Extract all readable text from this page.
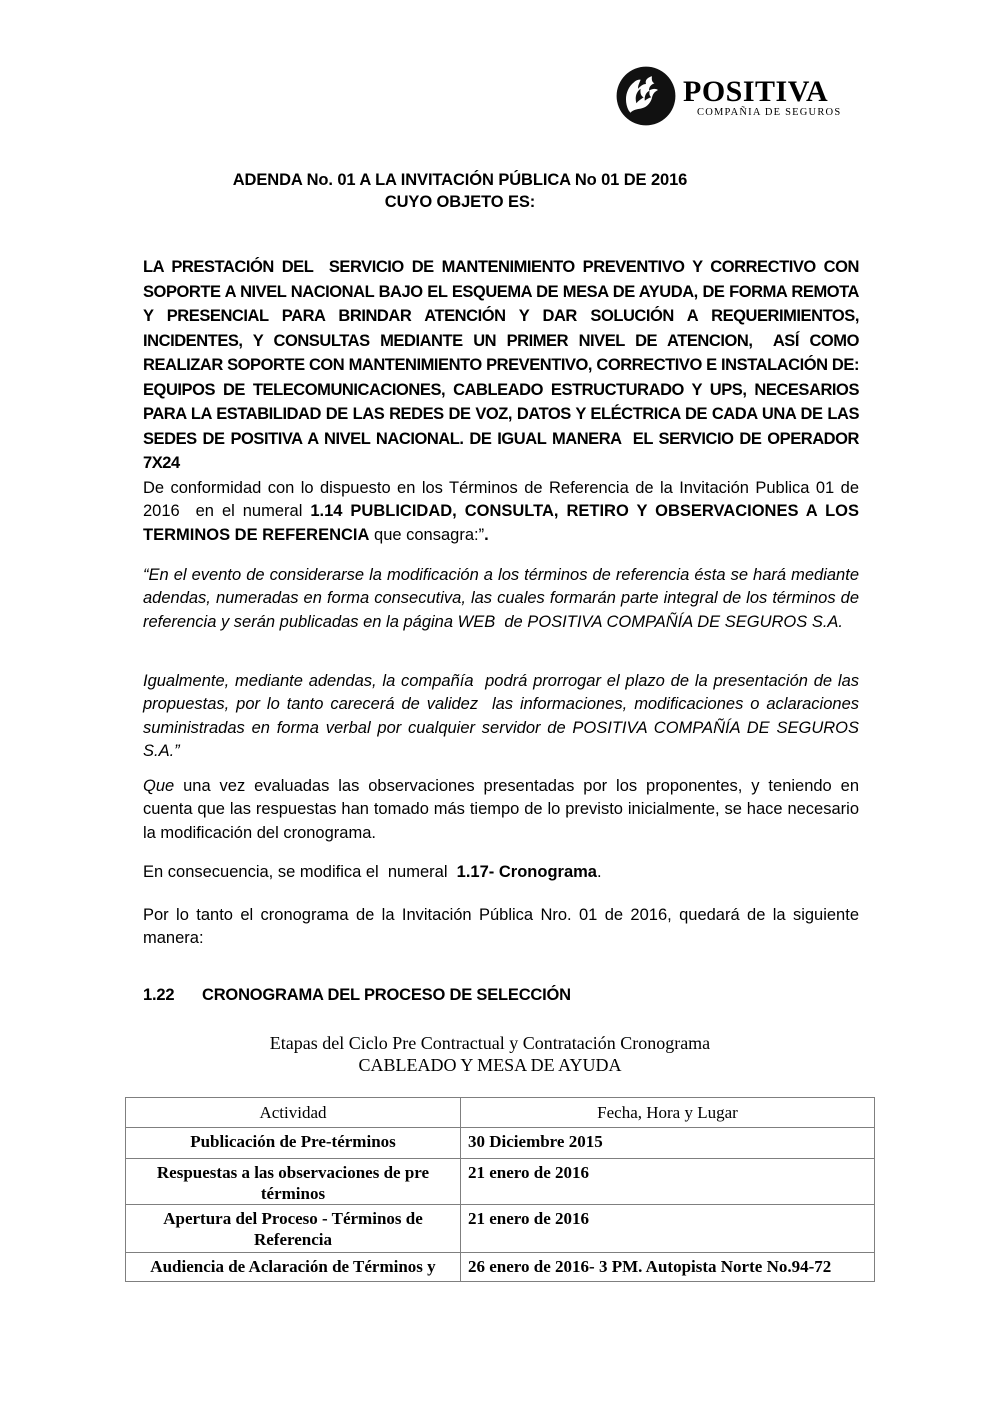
POSITIVA
COMPAÑIA DE SEGUROS
ADENDA No. 01 A LA INVITACIÓN PÚBLICA No 01 DE 2016
CUYO OBJETO ES:
LA PRESTACIÓN DEL  SERVICIO DE MANTENIMIENTO PREVENTIVO Y CORRECTIVO CON SOPORTE A NIVEL NACIONAL BAJO EL ESQUEMA DE MESA DE AYUDA, DE FORMA REMOTA Y PRESENCIAL PARA BRINDAR ATENCIÓN Y DAR SOLUCIÓN A REQUERIMIENTOS, INCIDENTES, Y CONSULTAS MEDIANTE UN PRIMER NIVEL DE ATENCION,  ASÍ COMO REALIZAR SOPORTE CON MANTENIMIENTO PREVENTIVO, CORRECTIVO E INSTALACIÓN DE: EQUIPOS DE TELECOMUNICACIONES, CABLEADO ESTRUCTURADO Y UPS, NECESARIOS PARA LA ESTABILIDAD DE LAS REDES DE VOZ, DATOS Y ELÉCTRICA DE CADA UNA DE LAS SEDES DE POSITIVA A NIVEL NACIONAL. DE IGUAL MANERA  EL SERVICIO DE OPERADOR  7X24
De conformidad con lo dispuesto en los Términos de Referencia de la Invitación Publica 01 de 2016  en el numeral 1.14 PUBLICIDAD, CONSULTA, RETIRO Y OBSERVACIONES A LOS TERMINOS DE REFERENCIA que consagra:”.
“En el evento de considerarse la modificación a los términos de referencia ésta se hará mediante adendas, numeradas en forma consecutiva, las cuales formarán parte integral de los términos de referencia y serán publicadas en la página WEB  de POSITIVA COMPAÑÍA DE SEGUROS S.A.
Igualmente, mediante adendas, la compañía  podrá prorrogar el plazo de la presentación de las propuestas, por lo tanto carecerá de validez  las informaciones, modificaciones o aclaraciones suministradas en forma verbal por cualquier servidor de POSITIVA COMPAÑÍA DE SEGUROS S.A.”
Que una vez evaluadas las observaciones presentadas por los proponentes, y teniendo en cuenta que las respuestas han tomado más tiempo de lo previsto inicialmente, se hace necesario la modificación del cronograma.
En consecuencia, se modifica el  numeral  1.17- Cronograma.
Por lo tanto el cronograma de la Invitación Pública Nro. 01 de 2016, quedará de la siguiente manera:
1.22 CRONOGRAMA DEL PROCESO DE SELECCIÓN
Etapas del Ciclo Pre Contractual y Contratación Cronograma
CABLEADO Y MESA DE AYUDA
Actividad	Fecha, Hora y Lugar
Publicación de Pre-términos	30 Diciembre 2015
Respuestas a las observaciones de pre términos	21 enero de 2016
Apertura del Proceso - Términos de Referencia	21 enero de 2016
Audiencia de Aclaración de Términos y	26 enero de 2016- 3 PM. Autopista Norte No.94-72
